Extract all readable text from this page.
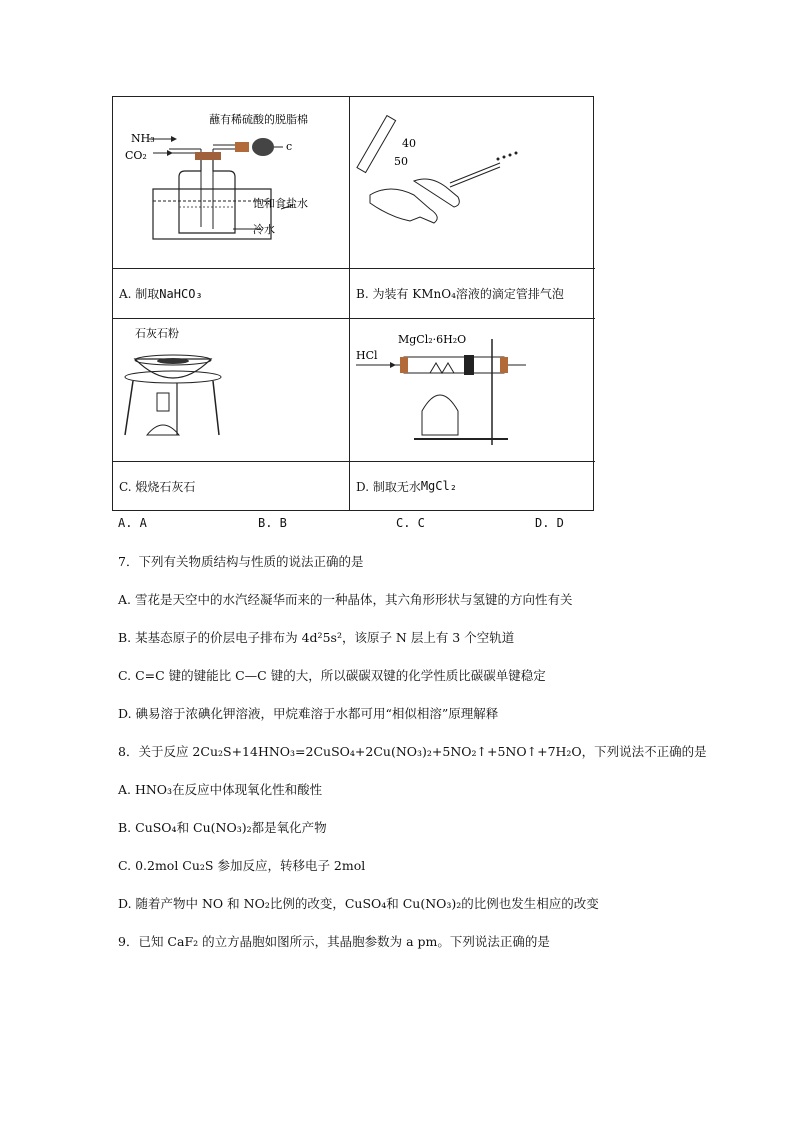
NH₃
CO₂
蘸有稀硫酸的脱脂棉
c
饱和食盐水
冷水
40
50
A. 制取 NaHCO₃	B. 为装有 KMnO₄ 溶液的滴定管排气泡
石灰石粉	MgCl₂·6H₂O
HCl
C. 煅烧石灰石	D. 制取无水 MgCl₂
A. A	B. B	C. C	D. D
7．下列有关物质结构与性质的说法正确的是
A. 雪花是天空中的水汽经凝华而来的一种晶体，其六角形形状与氢键的方向性有关
B. 某基态原子的价层电子排布为 4d²5s²，该原子 N 层上有 3 个空轨道
C. C=C 键的键能比 C—C 键的大，所以碳碳双键的化学性质比碳碳单键稳定
D. 碘易溶于浓碘化钾溶液，甲烷难溶于水都可用“相似相溶”原理解释
8．关于反应 2Cu₂S+14HNO₃=2CuSO₄+2Cu(NO₃)₂+5NO₂↑+5NO↑+7H₂O，下列说法不正确的是
A. HNO₃在反应中体现氧化性和酸性
B. CuSO₄和 Cu(NO₃)₂都是氧化产物
C. 0.2mol Cu₂S 参加反应，转移电子 2mol
D. 随着产物中 NO 和 NO₂比例的改变，CuSO₄和 Cu(NO₃)₂的比例也发生相应的改变
9．已知 CaF₂ 的立方晶胞如图所示，其晶胞参数为 a pm。下列说法正确的是
